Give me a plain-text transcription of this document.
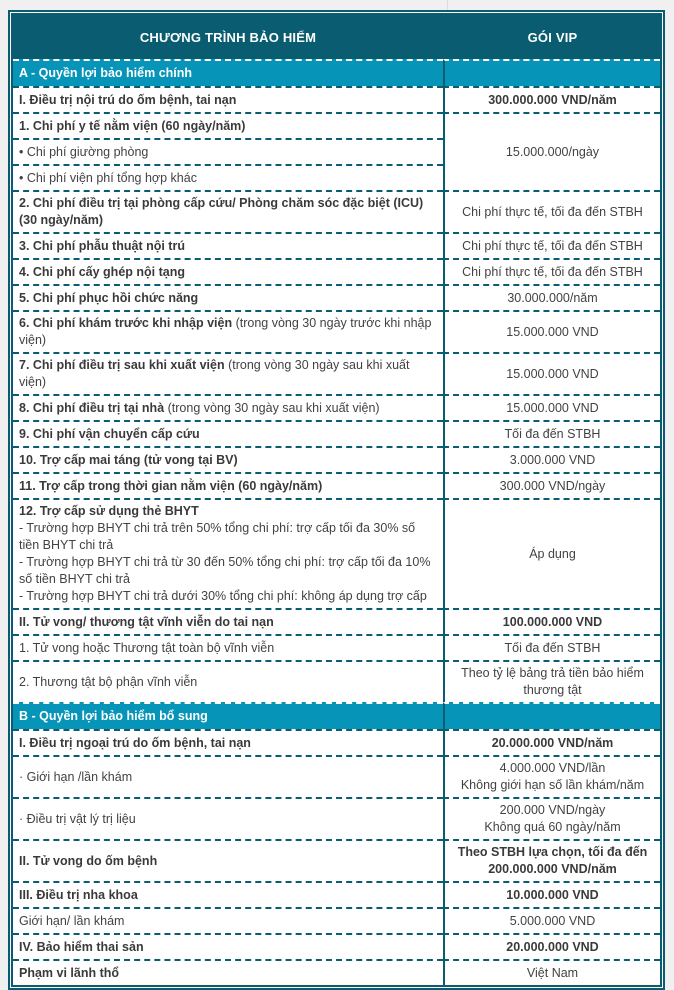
CHƯƠNG TRÌNH BẢO HIỂM	GÓI VIP
A - Quyền lợi bảo hiểm chính	

I. Điều trị nội trú do ốm bệnh, tai nạn	300.000.000 VND/năm

1. Chi phí y tế nằm viện (60 ngày/năm)	15.000.000/ngày

• Chi phí giường phòng	

• Chi phí viện phí tổng hợp khác	

2. Chi phí điều trị tại phòng cấp cứu/ Phòng chăm sóc đặc biệt (ICU) (30 ngày/năm)	Chi phí thực tế, tối đa đến STBH

3. Chi phí phẫu thuật nội trú	Chi phí thực tế, tối đa đến STBH

4. Chi phí cấy ghép nội tạng	Chi phí thực tế, tối đa đến STBH

5. Chi phí phục hồi chức năng	30.000.000/năm

6. Chi phí khám trước khi nhập viện (trong vòng 30 ngày trước khi nhập viện)	15.000.000 VND

7. Chi phí điều trị sau khi xuất viện (trong vòng 30 ngày sau khi xuất viện)	15.000.000 VND

8. Chi phí điều trị tại nhà (trong vòng 30 ngày sau khi xuất viện)	15.000.000 VND

9. Chi phí vận chuyển cấp cứu	Tối đa đến STBH

10. Trợ cấp mai táng (tử vong tại BV)	3.000.000 VND

11. Trợ cấp trong thời gian nằm viện (60 ngày/năm)	300.000 VND/ngày

12. Trợ cấp sử dụng thẻ BHYT
- Trường hợp BHYT chi trả trên 50% tổng chi phí: trợ cấp tối đa 30% số tiền BHYT chi trả
- Trường hợp BHYT chi trả từ 30 đến 50% tổng chi phí: trợ cấp tối đa 10% số tiền BHYT chi trả
- Trường hợp BHYT chi trả dưới 30% tổng chi phí: không áp dụng trợ cấp	Áp dụng

II. Tử vong/ thương tật vĩnh viễn do tai nạn	100.000.000 VND

1. Tử vong hoặc Thương tật toàn bộ vĩnh viễn	Tối đa đến STBH

2. Thương tật bộ phận vĩnh viễn	Theo tỷ lệ bảng trả tiền bảo hiểm
thương tật

B - Quyền lợi bảo hiểm bổ sung	

I. Điều trị ngoại trú do ốm bệnh, tai nạn	20.000.000 VND/năm

· Giới hạn /lần khám	4.000.000 VND/lần
Không giới hạn số lần khám/năm

· Điều trị vật lý trị liệu	200.000 VND/ngày
Không quá 60 ngày/năm

II. Tử vong do ốm bệnh	Theo STBH lựa chọn, tối đa đến
200.000.000 VND/năm

III. Điều trị nha khoa	10.000.000 VND

Giới hạn/ lần khám	5.000.000 VND

IV. Bảo hiểm thai sản	20.000.000 VND

Phạm vi lãnh thổ	Việt Nam
